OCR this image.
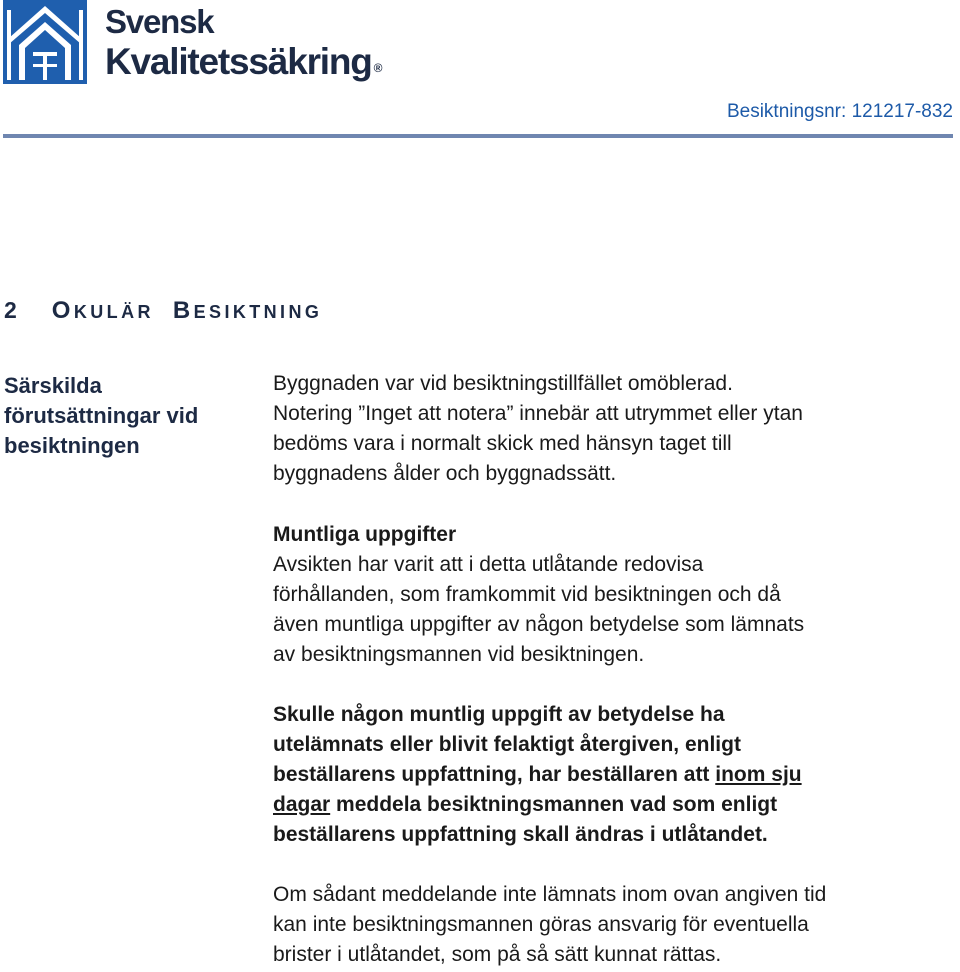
Svensk
Kvalitetssäkring ®
Besiktningsnr: 121217-832
2 OKULÄR BESIKTNING
Särskilda
förutsättningar vid
besiktningen
Byggnaden var vid besiktningstillfället omöblerad.
Notering ”Inget att notera” innebär att utrymmet eller ytan
bedöms vara i normalt skick med hänsyn taget till
byggnadens ålder och byggnadssätt.
Muntliga uppgifter
Avsikten har varit att i detta utlåtande redovisa
förhållanden, som framkommit vid besiktningen och då
även muntliga uppgifter av någon betydelse som lämnats
av besiktningsmannen vid besiktningen.
Skulle någon muntlig uppgift av betydelse ha
utelämnats eller blivit felaktigt återgiven, enligt
beställarens uppfattning, har beställaren att inom sju
dagar meddela besiktningsmannen vad som enligt
beställarens uppfattning skall ändras i utlåtandet.
Om sådant meddelande inte lämnats inom ovan angiven tid
kan inte besiktningsmannen göras ansvarig för eventuella
brister i utlåtandet, som på så sätt kunnat rättas.
